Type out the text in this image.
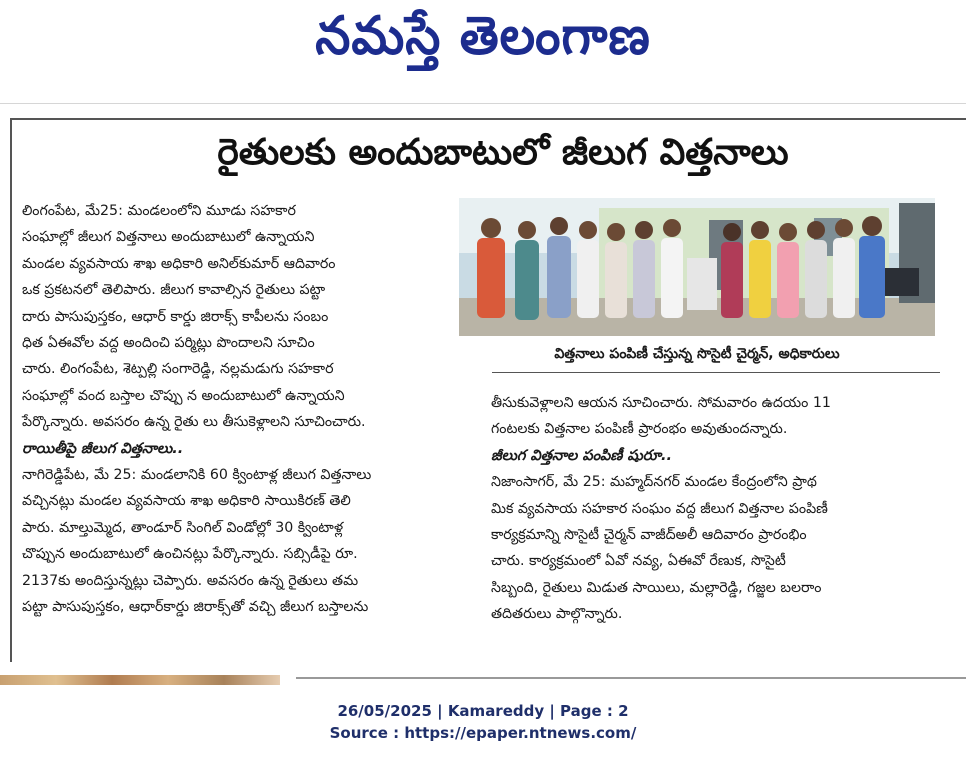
నమస్తే తెలంగాణ
రైతులకు అందుబాటులో జీలుగ విత్తనాలు

లింగంపేట, మే25: మండలంలోని మూడు సహకార
సంఘాల్లో జీలుగ విత్తనాలు అందుబాటులో ఉన్నాయని
మండల వ్యవసాయ శాఖ అధికారి అనిల్‌కుమార్ ఆదివారం
ఒక ప్రకటనలో తెలిపారు. జీలుగ కావాల్సిన రైతులు పట్టా
దారు పాసుపుస్తకం, ఆధార్ కార్డు జిరాక్స్ కాపీలను సంబం
ధిత ఏఈవోల వద్ద అందించి పర్మిట్లు పొందాలని సూచిం
చారు. లింగంపేట, శెట్పల్లి సంగారెడ్డి, నల్లమడుగు సహకార
సంఘాల్లో వంద బస్తాల చొప్పు న అందుబాటులో ఉన్నాయని
పేర్కొన్నారు. అవసరం ఉన్న రైతు లు తీసుకెళ్లాలని సూచించారు.

రాయితీపై జీలుగ విత్తనాలు..

నాగిరెడ్డిపేట, మే 25: మండలానికి 60 క్వింటాళ్ల జీలుగ విత్తనాలు
వచ్చినట్లు మండల వ్యవసాయ శాఖ అధికారి సాయికిరణ్ తెలి
పారు. మాల్తుమ్మెద, తాండూర్ సింగిల్ విండోల్లో 30 క్వింటాళ్ల
చొప్పున అందుబాటులో ఉంచినట్లు పేర్కొన్నారు. సబ్సిడీపై రూ.
2137కు అందిస్తున్నట్లు చెప్పారు. అవసరం ఉన్న రైతులు తమ
పట్టా పాసుపుస్తకం, ఆధార్‌కార్డు జిరాక్స్‌తో వచ్చి జీలుగ బస్తాలను

విత్తనాలు పంపిణీ చేస్తున్న సొసైటీ చైర్మన్, అధికారులు

తీసుకువెళ్లాలని ఆయన సూచించారు. సోమవారం ఉదయం 11
గంటలకు విత్తనాల పంపిణీ ప్రారంభం అవుతుందన్నారు.

జీలుగ విత్తనాల పంపిణీ షురూ..

నిజాంసాగర్, మే 25: మహ్మద్‌నగర్ మండల కేంద్రంలోని ప్రాథ
మిక వ్యవసాయ సహకార సంఘం వద్ద జీలుగ విత్తనాల పంపిణీ
కార్యక్రమాన్ని సొసైటీ చైర్మన్ వాజీద్‌అలీ ఆదివారం ప్రారంభిం
చారు. కార్యక్రమంలో ఏవో నవ్య, ఏఈవో రేణుక, సొసైటీ
సిబ్బంది, రైతులు మిడుత సాయిలు, మల్లారెడ్డి, గజ్జల బలరాం
తదితరులు పాల్గొన్నారు.

26/05/2025 | Kamareddy | Page : 2
Source : https://epaper.ntnews.com/
